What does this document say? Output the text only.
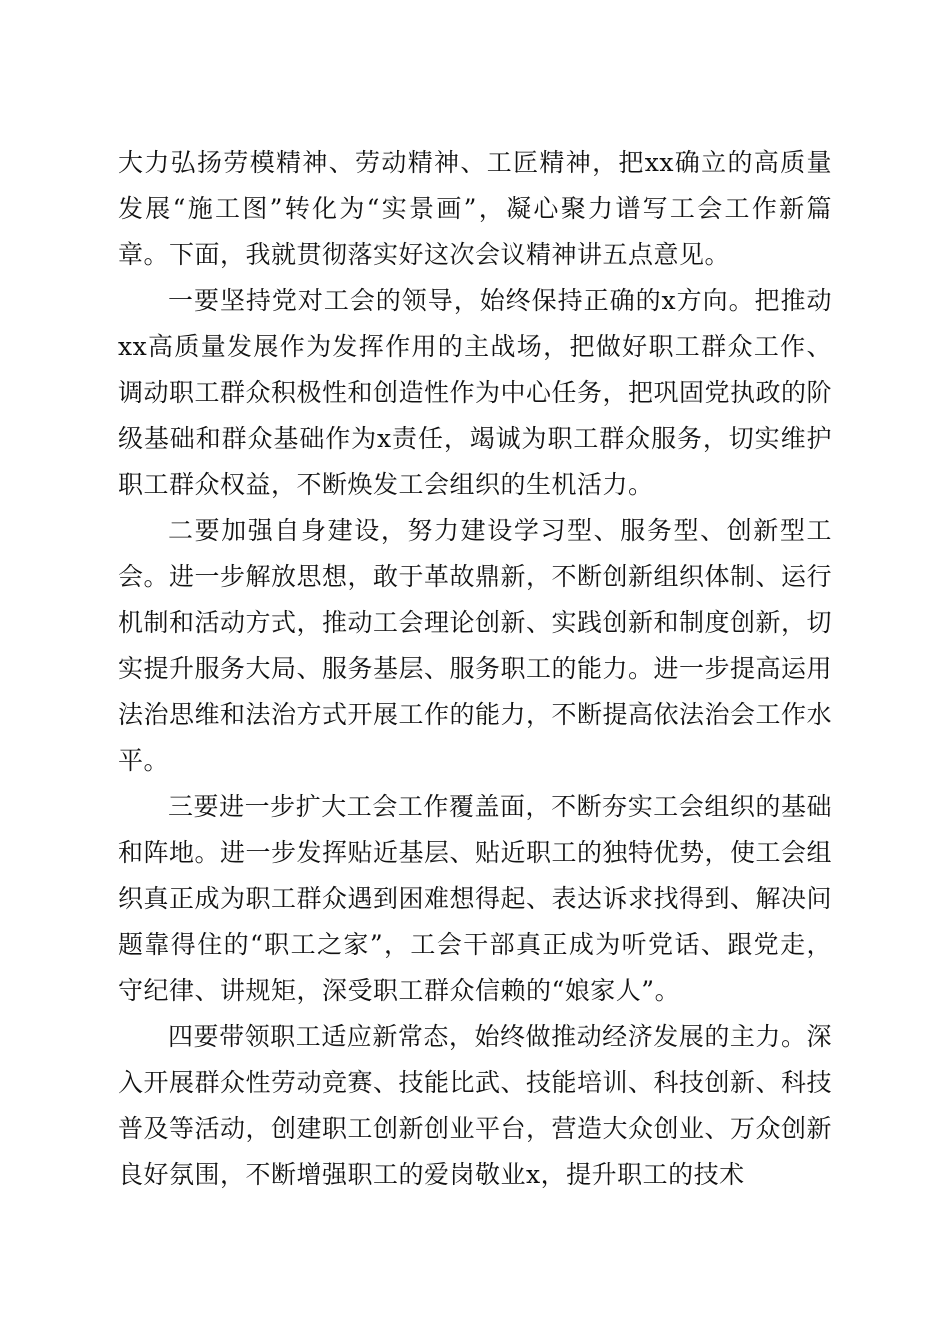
大力弘扬劳模精神、劳动精神、工匠精神，把xx确立的高质量发展“施工图”转化为“实景画”，凝心聚力谱写工会工作新篇章。下面，我就贯彻落实好这次会议精神讲五点意见。

一要坚持党对工会的领导，始终保持正确的x方向。把推动xx高质量发展作为发挥作用的主战场，把做好职工群众工作、调动职工群众积极性和创造性作为中心任务，把巩固党执政的阶级基础和群众基础作为x责任，竭诚为职工群众服务，切实维护职工群众权益，不断焕发工会组织的生机活力。

二要加强自身建设，努力建设学习型、服务型、创新型工会。进一步解放思想，敢于革故鼎新，不断创新组织体制、运行机制和活动方式，推动工会理论创新、实践创新和制度创新，切实提升服务大局、服务基层、服务职工的能力。进一步提高运用法治思维和法治方式开展工作的能力，不断提高依法治会工作水平。

三要进一步扩大工会工作覆盖面，不断夯实工会组织的基础和阵地。进一步发挥贴近基层、贴近职工的独特优势，使工会组织真正成为职工群众遇到困难想得起、表达诉求找得到、解决问题靠得住的“职工之家”，工会干部真正成为听党话、跟党走，守纪律、讲规矩，深受职工群众信赖的“娘家人”。

四要带领职工适应新常态，始终做推动经济发展的主力。深入开展群众性劳动竞赛、技能比武、技能培训、科技创新、科技普及等活动，创建职工创新创业平台，营造大众创业、万众创新良好氛围，不断增强职工的爱岗敬业x，提升职工的技术
